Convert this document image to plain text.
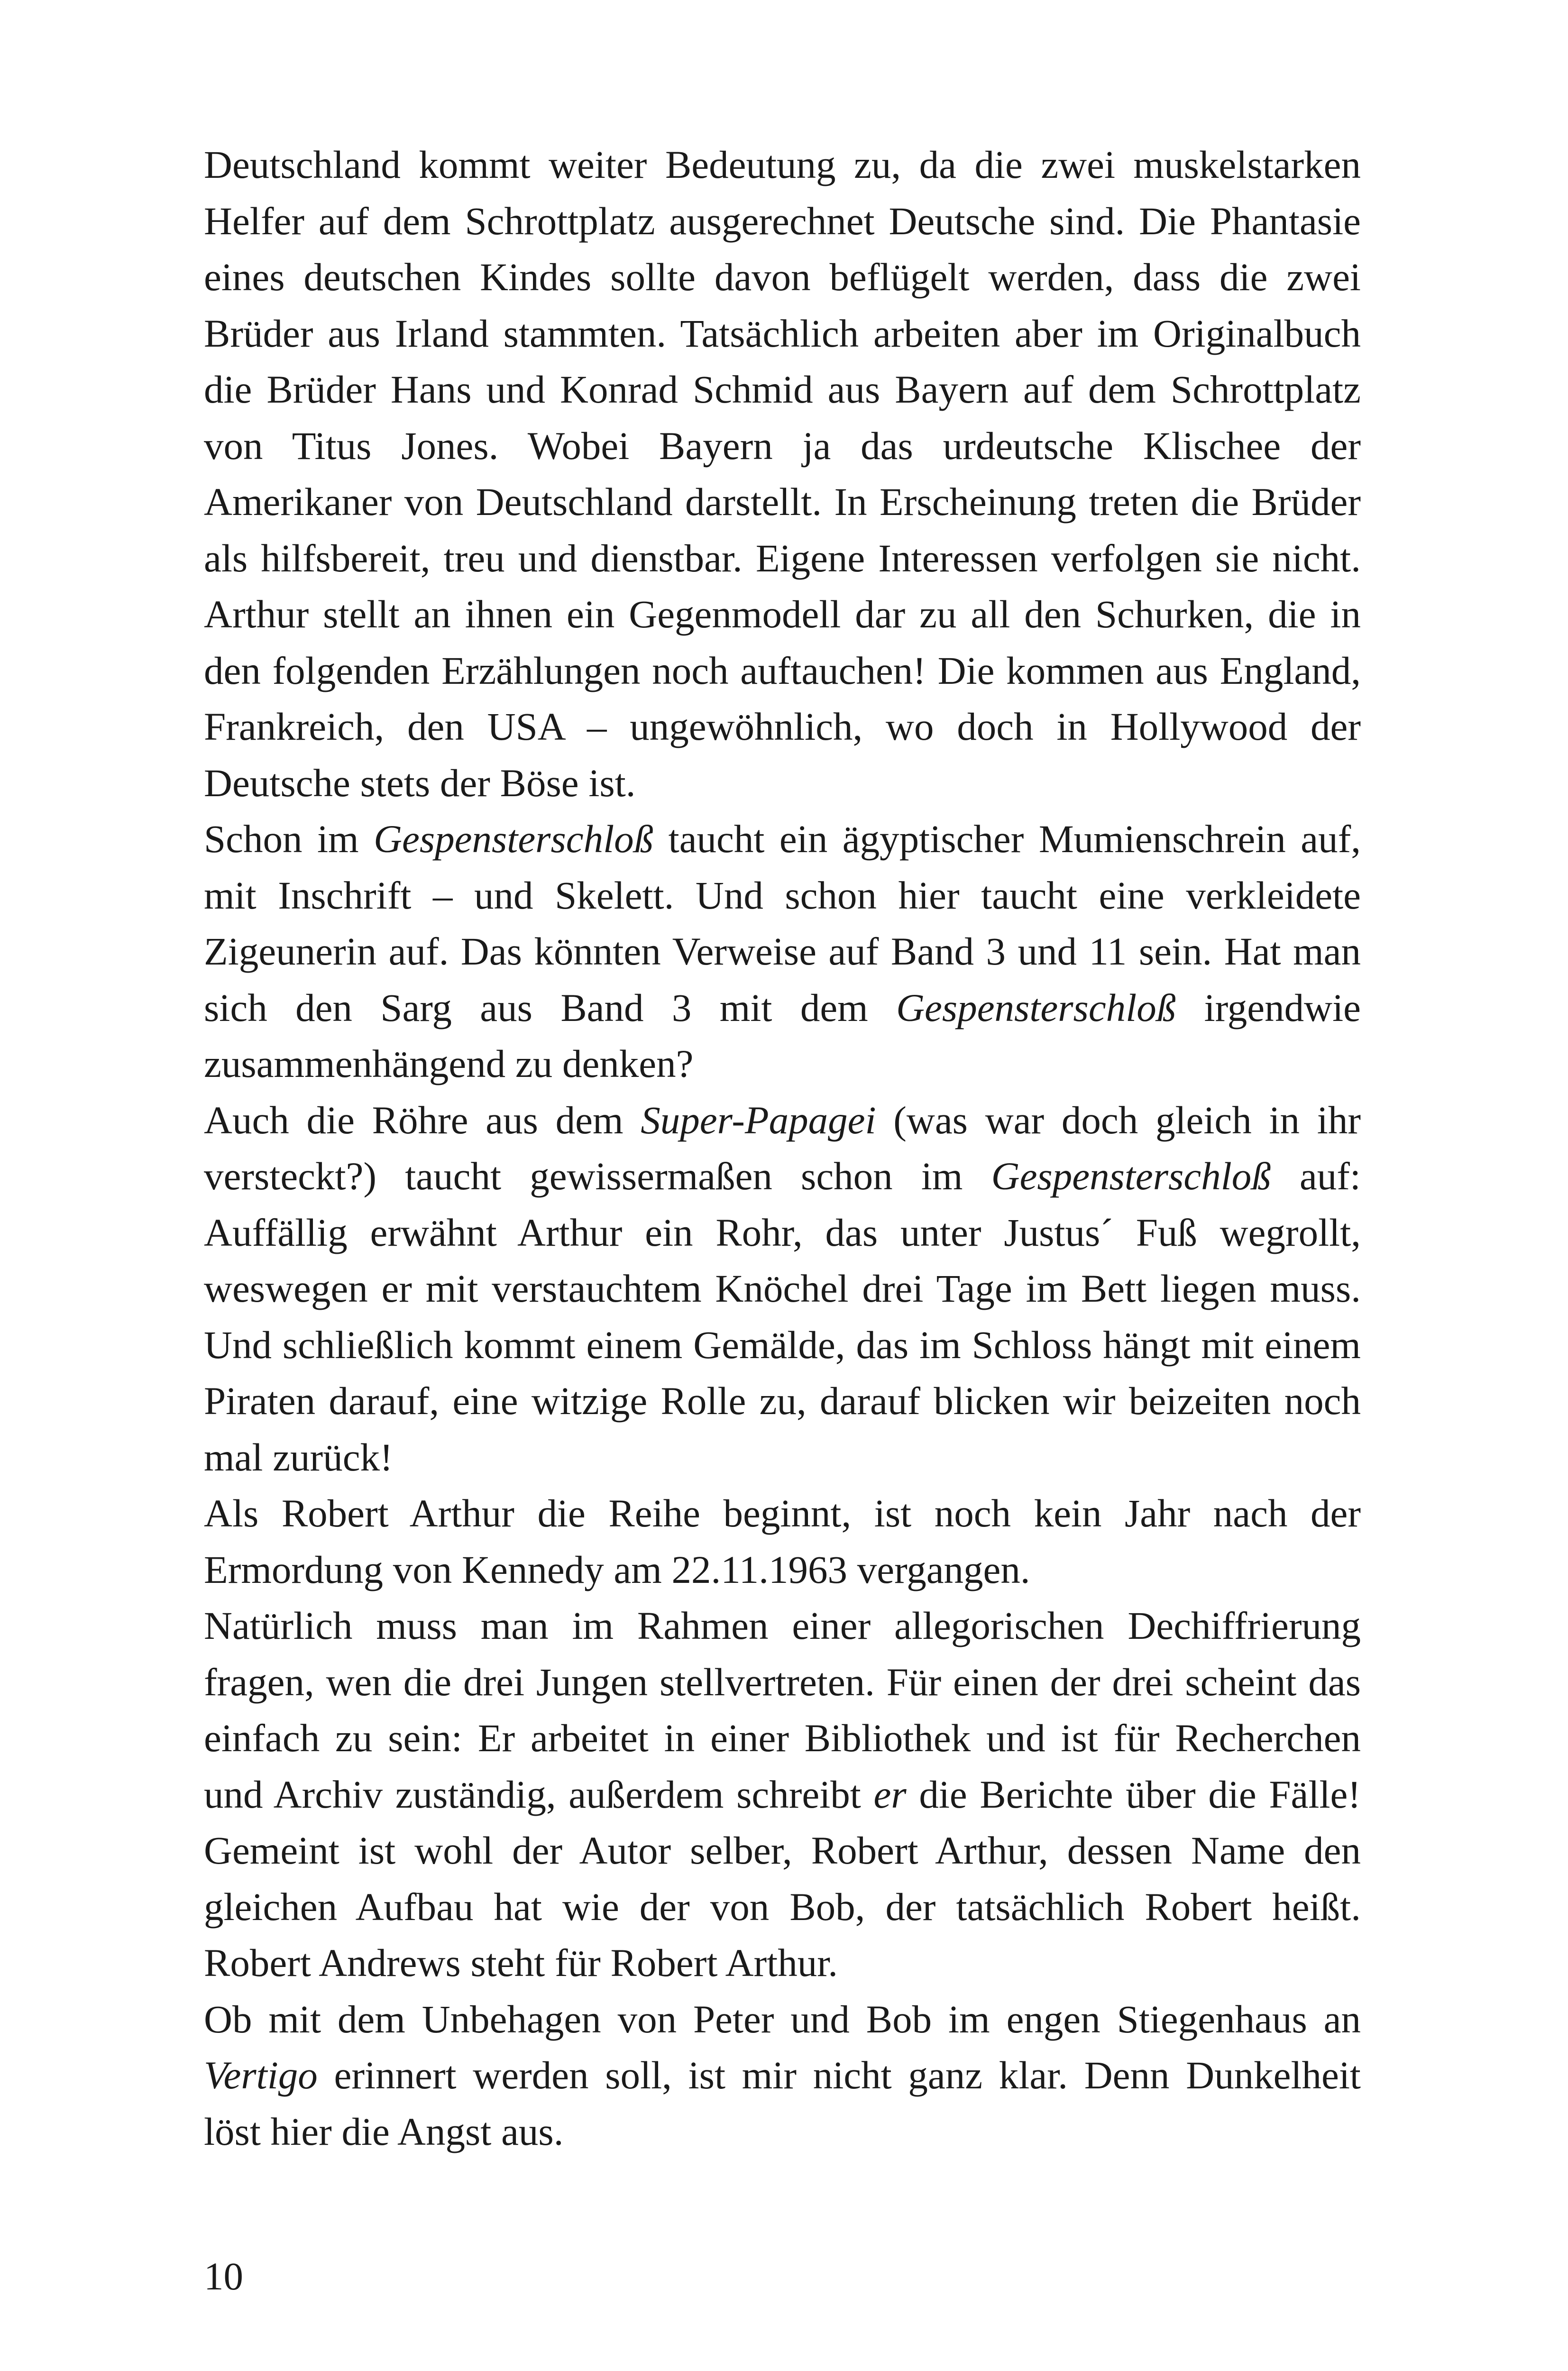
Deutschland kommt weiter Bedeutung zu, da die zwei muskelstarken Helfer auf dem Schrottplatz ausgerechnet Deutsche sind. Die Phantasie eines deutschen Kindes sollte davon beflügelt werden, dass die zwei Brüder aus Irland stammten. Tatsächlich arbeiten aber im Originalbuch die Brüder Hans und Konrad Schmid aus Bayern auf dem Schrottplatz von Titus Jones. Wobei Bayern ja das urdeutsche Klischee der Amerikaner von Deutschland darstellt. In Erscheinung treten die Brüder als hilfsbereit, treu und dienstbar. Eigene Interessen verfolgen sie nicht. Arthur stellt an ihnen ein Gegenmodell dar zu all den Schurken, die in den folgenden Erzählungen noch auftauchen! Die kommen aus England, Frankreich, den USA – ungewöhnlich, wo doch in Hollywood der Deutsche stets der Böse ist.

Schon im Gespensterschloß taucht ein ägyptischer Mumienschrein auf, mit Inschrift – und Skelett. Und schon hier taucht eine verkleidete Zigeunerin auf. Das könnten Verweise auf Band 3 und 11 sein. Hat man sich den Sarg aus Band 3 mit dem Gespensterschloß irgendwie zusammenhängend zu denken?

Auch die Röhre aus dem Super-Papagei (was war doch gleich in ihr versteckt?) taucht gewissermaßen schon im Gespensterschloß auf: Auffällig erwähnt Arthur ein Rohr, das unter Justus´ Fuß wegrollt, weswegen er mit verstauchtem Knöchel drei Tage im Bett liegen muss. Und schließlich kommt einem Gemälde, das im Schloss hängt mit einem Piraten darauf, eine witzige Rolle zu, darauf blicken wir beizeiten noch mal zurück!

Als Robert Arthur die Reihe beginnt, ist noch kein Jahr nach der Ermordung von Kennedy am 22.11.1963 vergangen.

Natürlich muss man im Rahmen einer allegorischen Dechiffrierung fragen, wen die drei Jungen stellvertreten. Für einen der drei scheint das einfach zu sein: Er arbeitet in einer Bibliothek und ist für Recherchen und Archiv zuständig, außerdem schreibt er die Berichte über die Fälle! Gemeint ist wohl der Autor selber, Robert Arthur, dessen Name den gleichen Aufbau hat wie der von Bob, der tatsächlich Robert heißt. Robert Andrews steht für Robert Arthur.

Ob mit dem Unbehagen von Peter und Bob im engen Stiegenhaus an Vertigo erinnert werden soll, ist mir nicht ganz klar. Denn Dunkelheit löst hier die Angst aus.

10
